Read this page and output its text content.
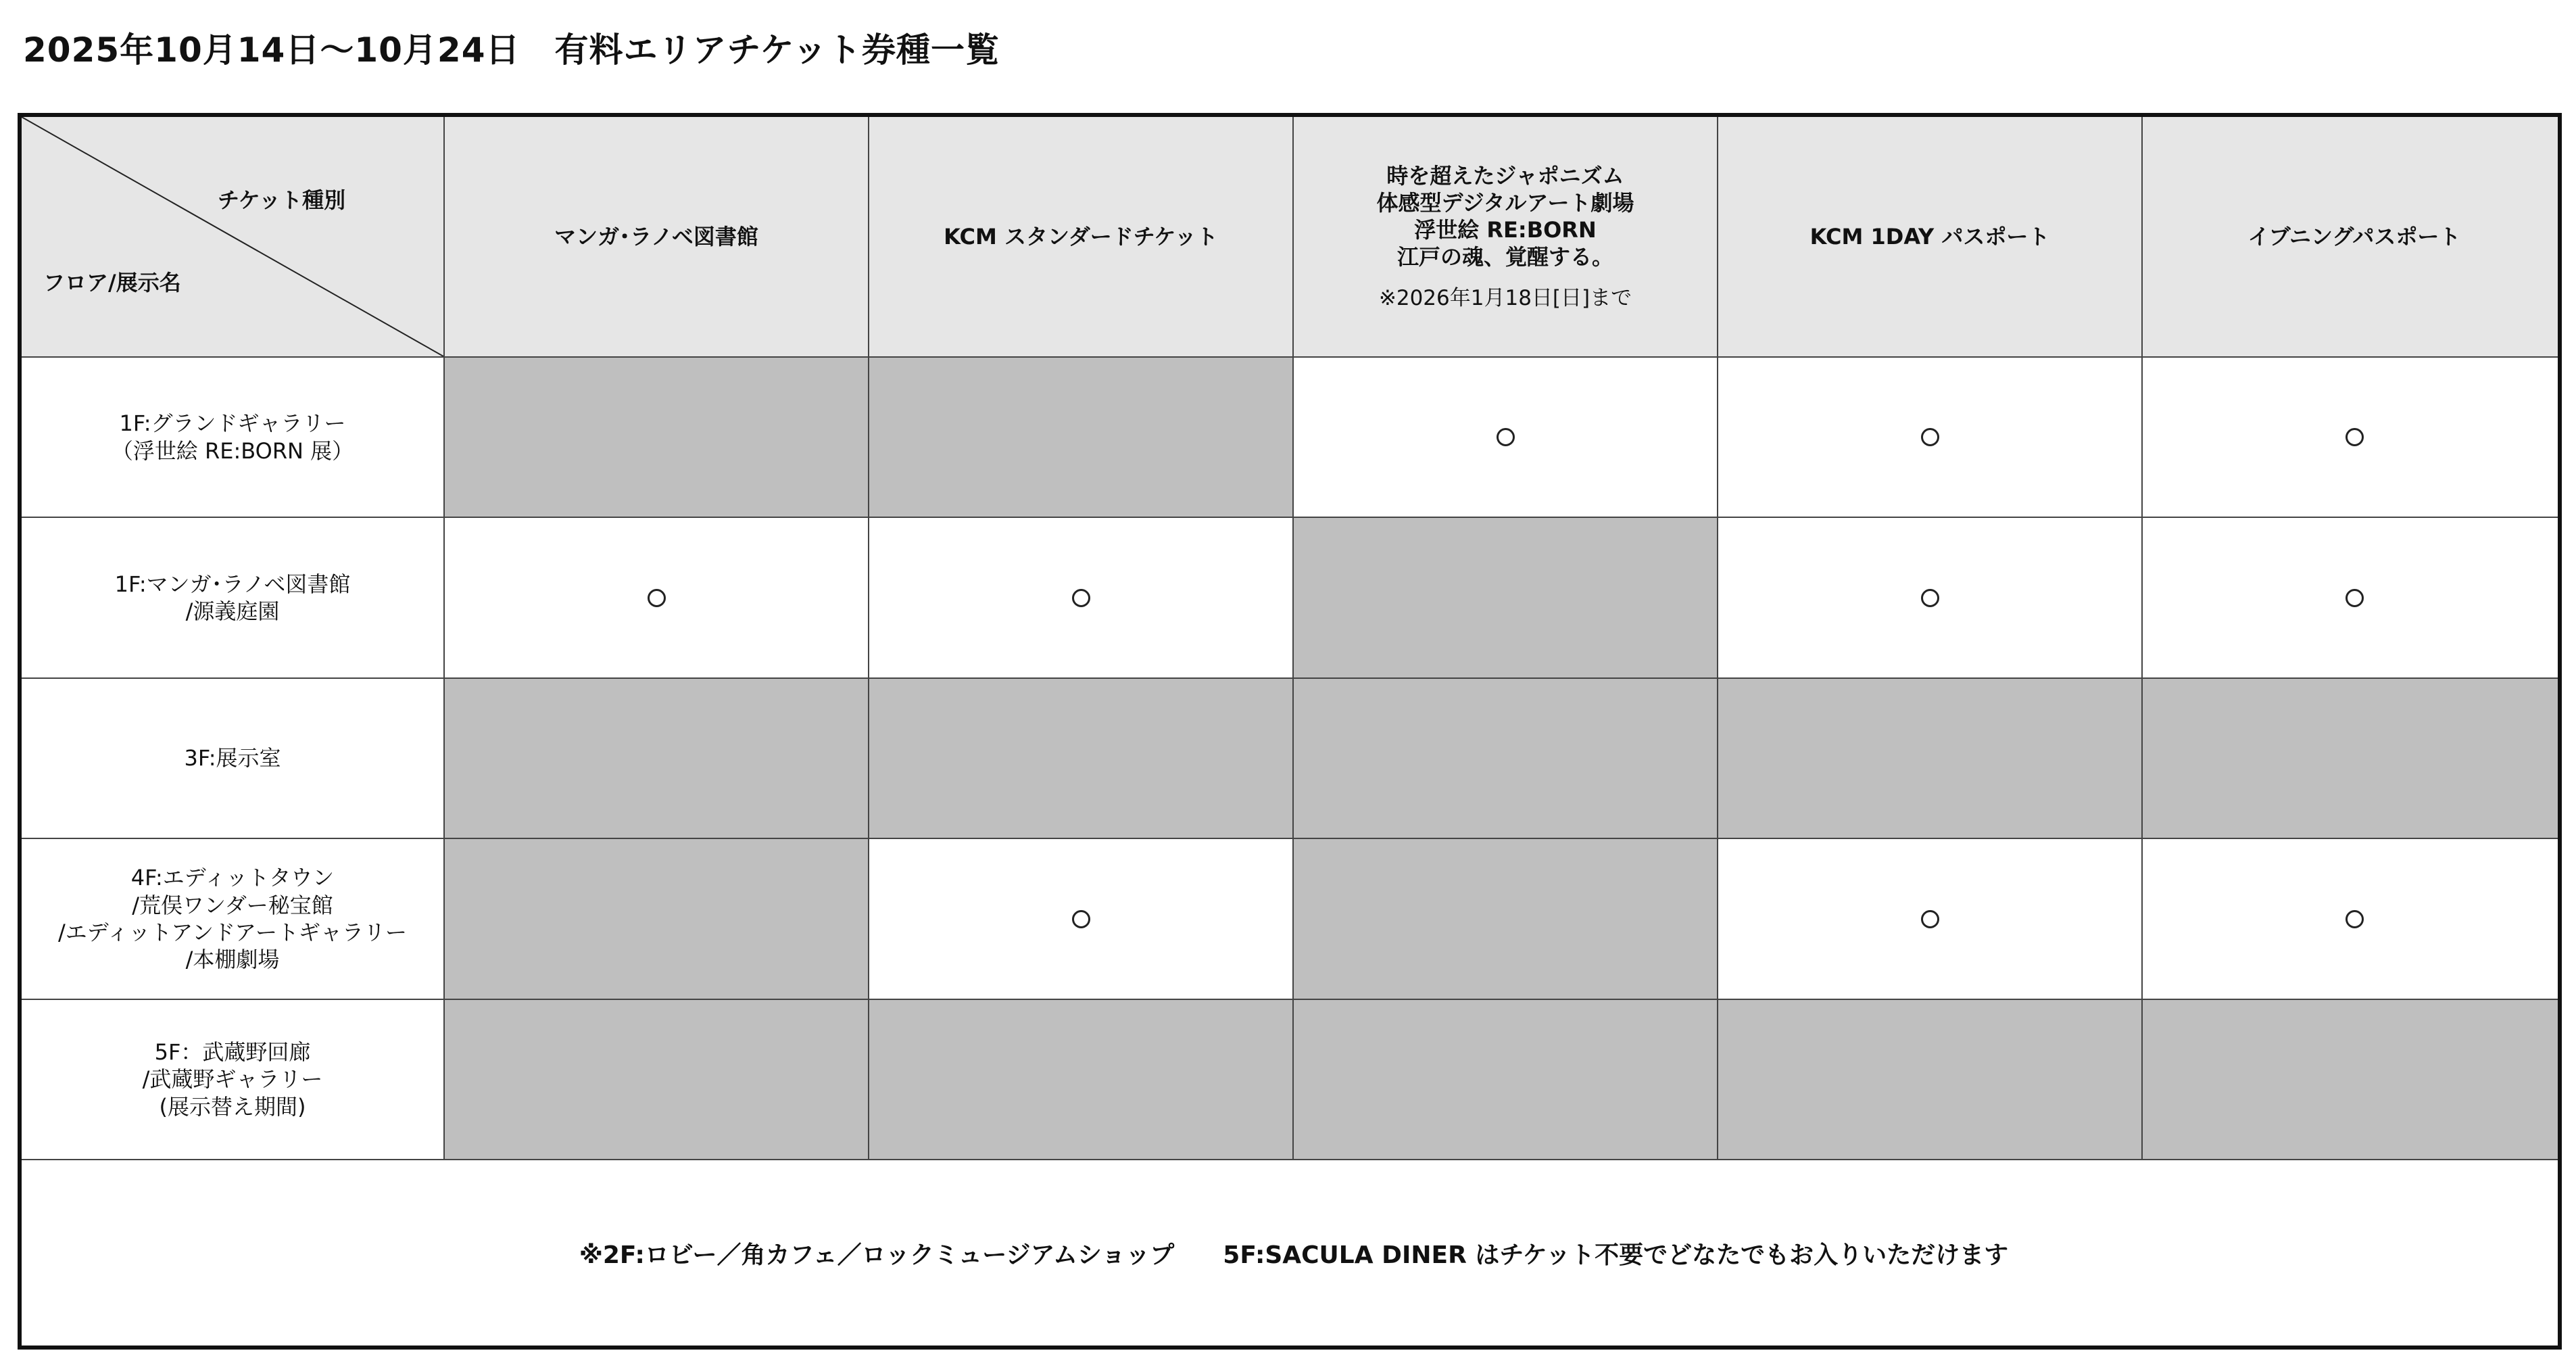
2025年10月14日～10月24日　有料エリアチケット券種一覧
チケット種別
フロア/展示名
マンガ･ラノベ図書館	KCM スタンダードチケット
時を超えたジャポニズム
体感型デジタルアート劇場
浮世絵 RE:BORN
江戸の魂、覚醒する。
※2026年1月18日[日]まで
KCM 1DAY パスポート	イブニングパスポート
1F:グランドギャラリー
（浮世絵 RE:BORN 展）
1F:マンガ･ラノベ図書館
/源義庭園
3F:展示室
4F:エディットタウン
/荒俣ワンダー秘宝館
/エディットアンドアートギャラリー
/本棚劇場
5F：武蔵野回廊
/武蔵野ギャラリー
(展示替え期間)
※2F:ロビー／角カフェ／ロックミュージアムショップ　　5F:SACULA DINER はチケット不要でどなたでもお入りいただけます
